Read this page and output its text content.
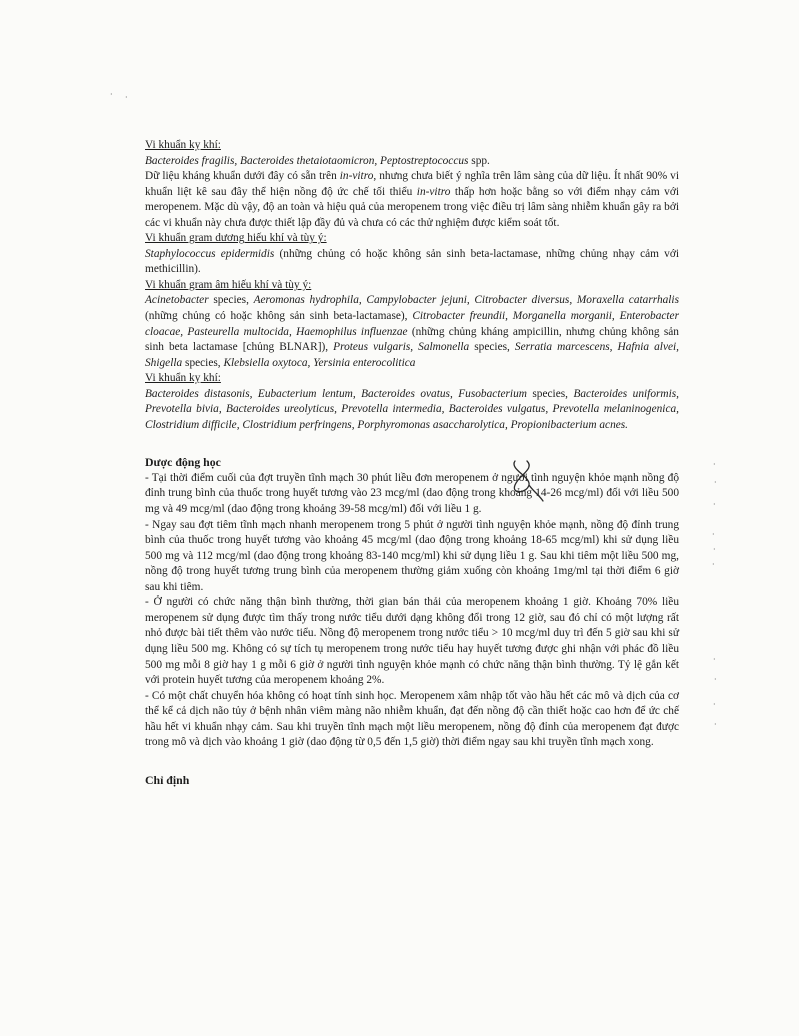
Vi khuẩn kỵ khí:

Bacteroides fragilis, Bacteroides thetaiotaomicron, Peptostreptococcus spp.

Dữ liệu kháng khuẩn dưới đây có sẵn trên in-vitro, nhưng chưa biết ý nghĩa trên lâm sàng của dữ liệu. Ít nhất 90% vi khuẩn liệt kê sau đây thể hiện nồng độ ức chế tối thiểu in-vitro thấp hơn hoặc bằng so với điểm nhạy cảm với meropenem. Mặc dù vậy, độ an toàn và hiệu quả của meropenem trong việc điều trị lâm sàng nhiễm khuẩn gây ra bởi các vi khuẩn này chưa được thiết lập đầy đủ và chưa có các thử nghiệm được kiểm soát tốt.

Vi khuẩn gram dương hiếu khí và tùy ý:

Staphylococcus epidermidis (những chủng có hoặc không sản sinh beta-lactamase, những chủng nhạy cảm với methicillin).

Vi khuẩn gram âm hiếu khí và tùy ý:

Acinetobacter species, Aeromonas hydrophila, Campylobacter jejuni, Citrobacter diversus, Moraxella catarrhalis (những chủng có hoặc không sản sinh beta-lactamase), Citrobacter freundii, Morganella morganii, Enterobacter cloacae, Pasteurella multocida, Haemophilus influenzae (những chủng kháng ampicillin, nhưng chủng không sản sinh beta lactamase [chủng BLNAR]), Proteus vulgaris, Salmonella species, Serratia marcescens, Hafnia alvei, Shigella species, Klebsiella oxytoca, Yersinia enterocolitica

Vi khuẩn kỵ khí:

Bacteroides distasonis, Eubacterium lentum, Bacteroides ovatus, Fusobacterium species, Bacteroides uniformis, Prevotella bivia, Bacteroides ureolyticus, Prevotella intermedia, Bacteroides vulgatus, Prevotella melaninogenica, Clostridium difficile, Clostridium perfringens, Porphyromonas asaccharolytica, Propionibacterium acnes.

Dược động học

- Tại thời điểm cuối của đợt truyền tĩnh mạch 30 phút liều đơn meropenem ở người tình nguyện khỏe mạnh nồng độ đỉnh trung bình của thuốc trong huyết tương vào 23 mcg/ml (dao động trong khoảng 14-26 mcg/ml) đối với liều 500 mg và 49 mcg/ml (dao động trong khoảng 39-58 mcg/ml) đối với liều 1 g.

- Ngay sau đợt tiêm tĩnh mạch nhanh meropenem trong 5 phút ở người tình nguyện khỏe mạnh, nồng độ đỉnh trung bình của thuốc trong huyết tương vào khoảng 45 mcg/ml (dao động trong khoảng 18-65 mcg/ml) khi sử dụng liều 500 mg và 112 mcg/ml (dao động trong khoảng 83-140 mcg/ml) khi sử dụng liều 1 g. Sau khi tiêm một liều 500 mg, nồng độ trong huyết tương trung bình của meropenem thường giảm xuống còn khoảng 1mg/ml tại thời điểm 6 giờ sau khi tiêm.

- Ở người có chức năng thận bình thường, thời gian bán thải của meropenem khoảng 1 giờ. Khoảng 70% liều meropenem sử dụng được tìm thấy trong nước tiểu dưới dạng không đổi trong 12 giờ, sau đó chỉ có một lượng rất nhỏ được bài tiết thêm vào nước tiểu. Nồng độ meropenem trong nước tiểu > 10 mcg/ml duy trì đến 5 giờ sau khi sử dụng liều 500 mg. Không có sự tích tụ meropenem trong nước tiểu hay huyết tương được ghi nhận với phác đồ liều 500 mg mỗi 8 giờ hay 1 g mỗi 6 giờ ở người tình nguyện khỏe mạnh có chức năng thận bình thường. Tỷ lệ gắn kết với protein huyết tương của meropenem khoảng 2%.

- Có một chất chuyển hóa không có hoạt tính sinh học. Meropenem xâm nhập tốt vào hầu hết các mô và dịch của cơ thể kể cả dịch não tủy ở bệnh nhân viêm màng não nhiễm khuẩn, đạt đến nồng độ cần thiết hoặc cao hơn để ức chế hầu hết vi khuẩn nhạy cảm. Sau khi truyền tĩnh mạch một liều meropenem, nồng độ đỉnh của meropenem đạt được trong mô và dịch vào khoảng 1 giờ (dao động từ 0,5 đến 1,5 giờ) thời điểm ngay sau khi truyền tĩnh mạch xong.

Chỉ định

·
·
·
·
·
·
·
·
·
·
· ·
